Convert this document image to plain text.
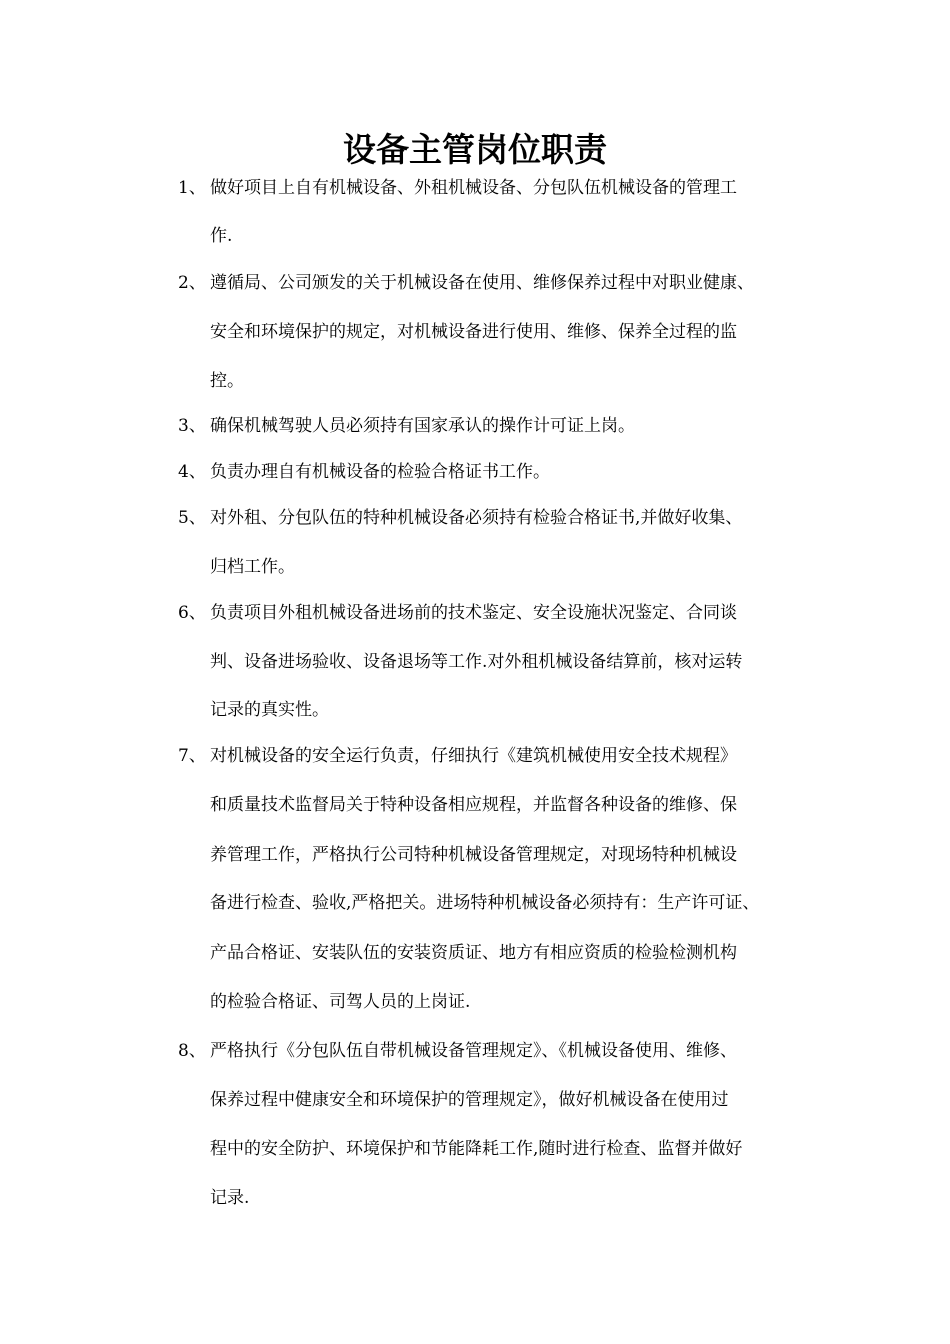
设备主管岗位职责
1、 做好项目上自有机械设备、外租机械设备、分包队伍机械设备的管理工
作.
2、 遵循局、公司颁发的关于机械设备在使用、维修保养过程中对职业健康、
安全和环境保护的规定，对机械设备进行使用、维修、保养全过程的监
控。
3、 确保机械驾驶人员必须持有国家承认的操作计可证上岗。
4、 负责办理自有机械设备的检验合格证书工作。
5、 对外租、分包队伍的特种机械设备必须持有检验合格证书,并做好收集、
归档工作。
6、 负责项目外租机械设备进场前的技术鉴定、安全设施状况鉴定、合同谈
判、设备进场验收、设备退场等工作.对外租机械设备结算前，核对运转
记录的真实性。
7、 对机械设备的安全运行负责，仔细执行《建筑机械使用安全技术规程》
和质量技术监督局关于特种设备相应规程，并监督各种设备的维修、保
养管理工作，严格执行公司特种机械设备管理规定，对现场特种机械设
备进行检查、验收,严格把关。进场特种机械设备必须持有：生产许可证、
产品合格证、安装队伍的安装资质证、地方有相应资质的检验检测机构
的检验合格证、司驾人员的上岗证.
8、 严格执行《分包队伍自带机械设备管理规定》、《机械设备使用、维修、
保养过程中健康安全和环境保护的管理规定》，做好机械设备在使用过
程中的安全防护、环境保护和节能降耗工作,随时进行检查、监督并做好
记录.
